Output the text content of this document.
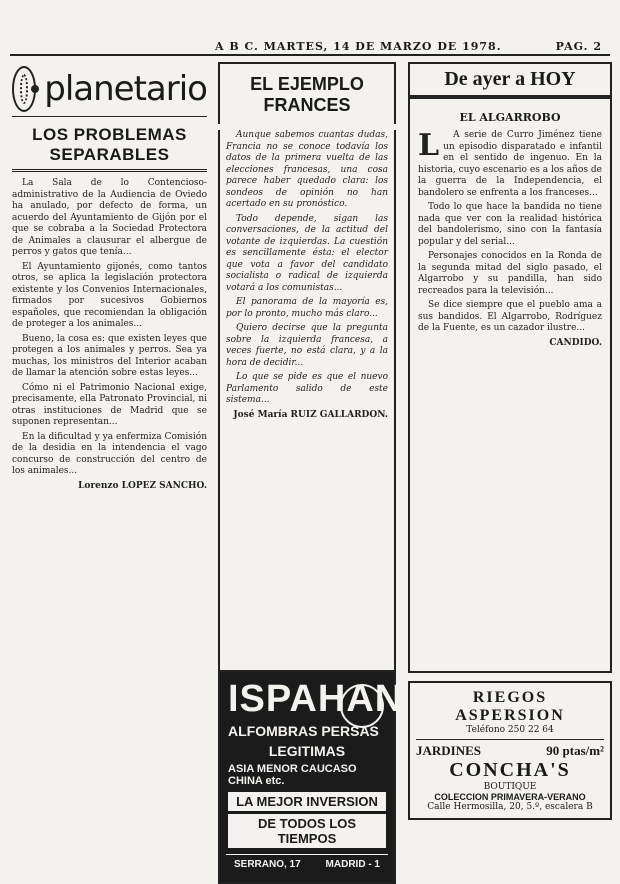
A B C. MARTES, 14 DE MARZO DE 1978.	PAG. 2
planetario
LOS PROBLEMAS SEPARABLES

La Sala de lo Contencioso-administrativo de la Audiencia de Oviedo ha anulado, por defecto de forma, un acuerdo del Ayuntamiento de Gijón por el que se cobraba a la Sociedad Protectora de Animales a clausurar el albergue de perros y gatos que tenía...

El Ayuntamiento gijonés, como tantos otros, se aplica la legislación protectora existente y los Convenios Internacionales, firmados por sucesivos Gobiernos españoles, que recomiendan la obligación de proteger a los animales...

Bueno, la cosa es: que existen leyes que protegen a los animales y perros. Sea ya muchas, los ministros del Interior acaban de llamar la atención sobre estas leyes...

Cómo ni el Patrimonio Nacional exige, precisamente, ella Patronato Provincial, ni otras instituciones de Madrid que se suponen representan...

En la dificultad y ya enfermiza Comisión de la desidia en la intendencia el vago concurso de construcción del centro de los animales...

Lorenzo LOPEZ SANCHO.
EL EJEMPLO FRANCES

Aunque sabemos cuantas dudas, Francia no se conoce todavía los datos de la primera vuelta de las elecciones francesas, una cosa parece haber quedado clara: los sondeos de opinión no han acertado en su pronóstico.

Todo depende, sigan las conversaciones, de la actitud del votante de izquierdas. La cuestión es sencillamente ésta: el elector que vota a favor del candidato socialista o radical de izquierda votará a los comunistas...

El panorama de la mayoría es, por lo pronto, mucho más claro...

Quiero decirse que la pregunta sobre la izquierda francesa, a veces fuerte, no está clara, y a la hora de decidir...

Lo que se pide es que el nuevo Parlamento salido de este sistema...

José María RUIZ GALLARDON.
ISPAHAN
ALFOMBRAS PERSAS
LEGITIMAS
ASIA MENOR CAUCASO CHINA etc.
LA MEJOR INVERSION
DE TODOS LOS TIEMPOS
SERRANO, 17 MADRID - 1
De ayer a HOY
EL ALGARROBO
L	A serie de Curro Jiménez tiene un episodio disparatado e infantil en el sentido de ingenuo. En la historia, cuyo escenario es a los años de la guerra de la Independencia, el bandolero se enfrenta a los franceses...

Todo lo que hace la bandida no tiene nada que ver con la realidad histórica del bandolerismo, sino con la fantasía popular y del serial...

Personajes conocidos en la Ronda de la segunda mitad del siglo pasado, el Algarrobo y su pandilla, han sido recreados para la televisión...

Se dice siempre que el pueblo ama a sus bandidos. El Algarrobo, Rodríguez de la Fuente, es un cazador ilustre...

CANDIDO.
RIEGOS ASPERSION
Teléfono 250 22 64
JARDINES	90 ptas/m²
CONCHA'S
BOUTIQUE
COLECCION PRIMAVERA-VERANO
Calle Hermosilla, 20, 5.º, escalera B
